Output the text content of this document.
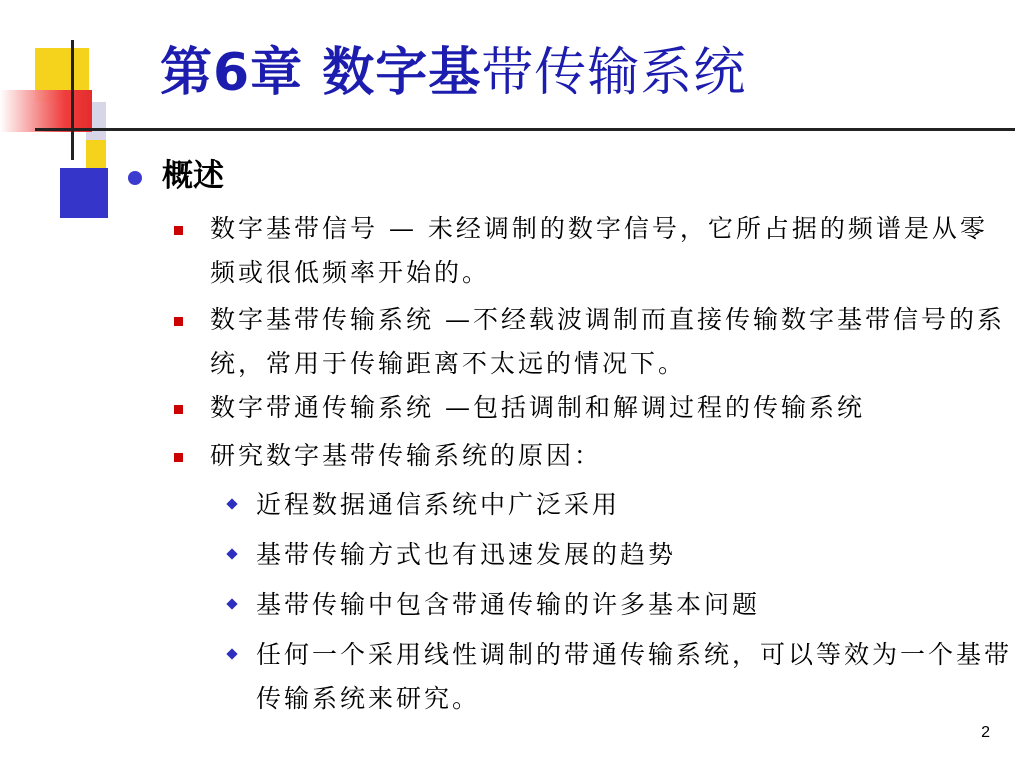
第6章 数字基带传输系统
概述
数字基带信号 — 未经调制的数字信号，它所占据的频谱是从零频或很低频率开始的。
数字基带传输系统 —不经载波调制而直接传输数字基带信号的系统，常用于传输距离不太远的情况下。
数字带通传输系统 —包括调制和解调过程的传输系统
研究数字基带传输系统的原因：
近程数据通信系统中广泛采用
基带传输方式也有迅速发展的趋势
基带传输中包含带通传输的许多基本问题
任何一个采用线性调制的带通传输系统，可以等效为一个基带传输系统来研究。
2
